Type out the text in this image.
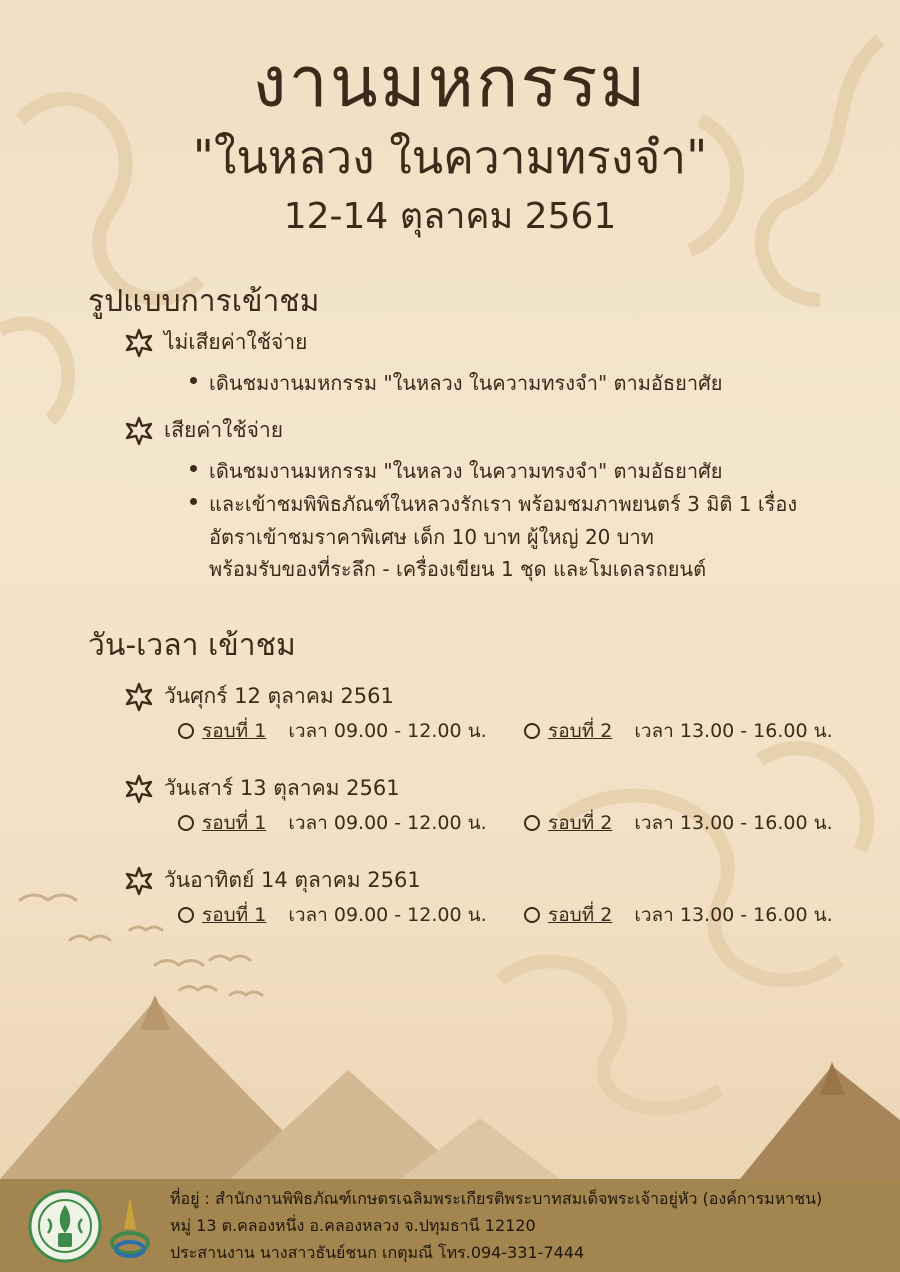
งานมหกรรม
"ในหลวง ในความทรงจำ"
12-14 ตุลาคม 2561
รูปแบบการเข้าชม
ไม่เสียค่าใช้จ่าย
เดินชมงานมหกรรม "ในหลวง ในความทรงจำ" ตามอัธยาศัย
เสียค่าใช้จ่าย
เดินชมงานมหกรรม "ในหลวง ในความทรงจำ" ตามอัธยาศัย
และเข้าชมพิพิธภัณฑ์ในหลวงรักเรา พร้อมชมภาพยนตร์ 3 มิติ 1 เรื่อง
อัตราเข้าชมราคาพิเศษ เด็ก 10 บาท ผู้ใหญ่ 20 บาท
พร้อมรับของที่ระลึก - เครื่องเขียน 1 ชุด และโมเดลรถยนต์
วัน-เวลา เข้าชม
วันศุกร์ 12 ตุลาคม 2561
รอบที่ 1 เวลา 09.00 - 12.00 น.	รอบที่ 2 เวลา 13.00 - 16.00 น.
วันเสาร์ 13 ตุลาคม 2561
รอบที่ 1 เวลา 09.00 - 12.00 น.	รอบที่ 2 เวลา 13.00 - 16.00 น.
วันอาทิตย์ 14 ตุลาคม 2561
รอบที่ 1 เวลา 09.00 - 12.00 น.	รอบที่ 2 เวลา 13.00 - 16.00 น.
ที่อยู่ : สำนักงานพิพิธภัณฑ์เกษตรเฉลิมพระเกียรติพระบาทสมเด็จพระเจ้าอยู่หัว (องค์การมหาชน)
หมู่ 13 ต.คลองหนึ่ง อ.คลองหลวง จ.ปทุมธานี 12120
ประสานงาน นางสาวธันย์ชนก เกตุมณี โทร.094-331-7444
